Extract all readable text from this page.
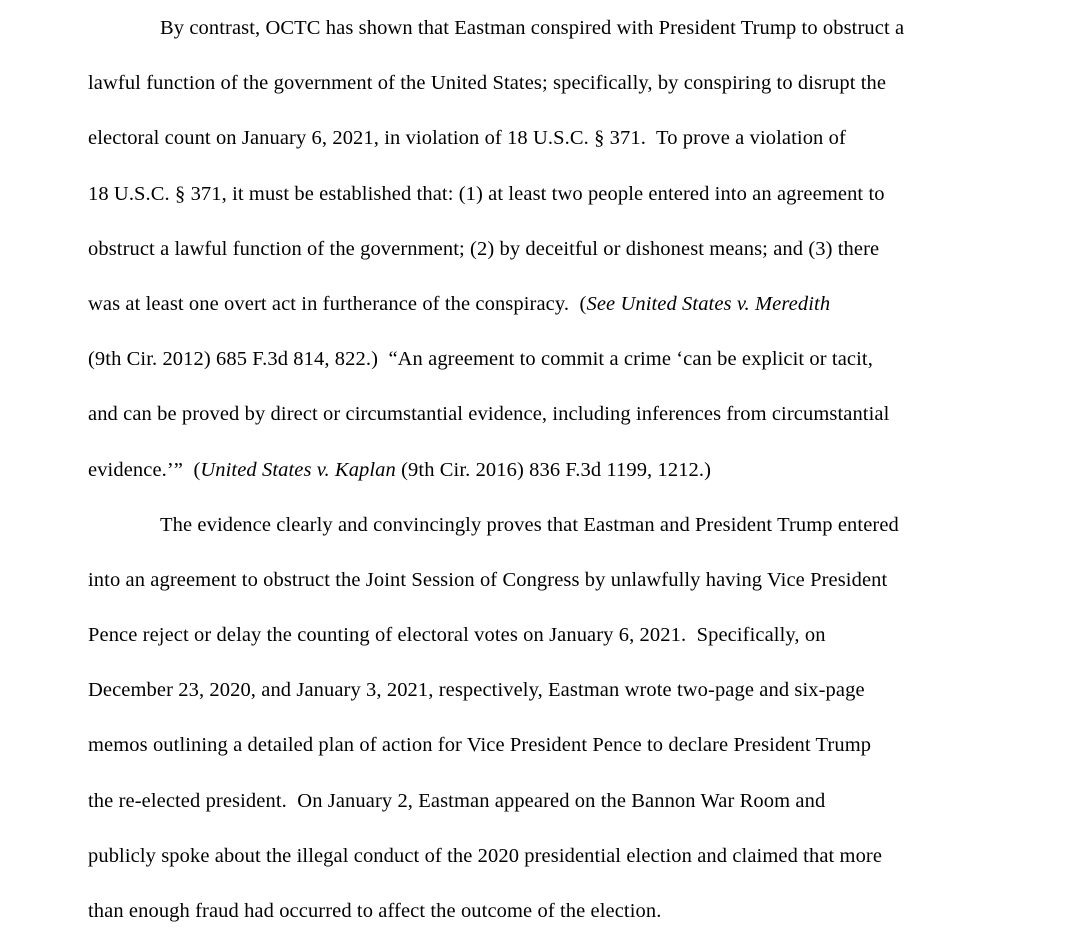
By contrast, OCTC has shown that Eastman conspired with President Trump to obstruct a
lawful function of the government of the United States; specifically, by conspiring to disrupt the
electoral count on January 6, 2021, in violation of 18 U.S.C. § 371.  To prove a violation of
18 U.S.C. § 371, it must be established that: (1) at least two people entered into an agreement to
obstruct a lawful function of the government; (2) by deceitful or dishonest means; and (3) there
was at least one overt act in furtherance of the conspiracy.  (See United States v. Meredith
(9th Cir. 2012) 685 F.3d 814, 822.)  “An agreement to commit a crime ‘can be explicit or tacit,
and can be proved by direct or circumstantial evidence, including inferences from circumstantial
evidence.’”  (United States v. Kaplan (9th Cir. 2016) 836 F.3d 1199, 1212.)
The evidence clearly and convincingly proves that Eastman and President Trump entered
into an agreement to obstruct the Joint Session of Congress by unlawfully having Vice President
Pence reject or delay the counting of electoral votes on January 6, 2021.  Specifically, on
December 23, 2020, and January 3, 2021, respectively, Eastman wrote two-page and six-page
memos outlining a detailed plan of action for Vice President Pence to declare President Trump
the re-elected president.  On January 2, Eastman appeared on the Bannon War Room and
publicly spoke about the illegal conduct of the 2020 presidential election and claimed that more
than enough fraud had occurred to affect the outcome of the election.
